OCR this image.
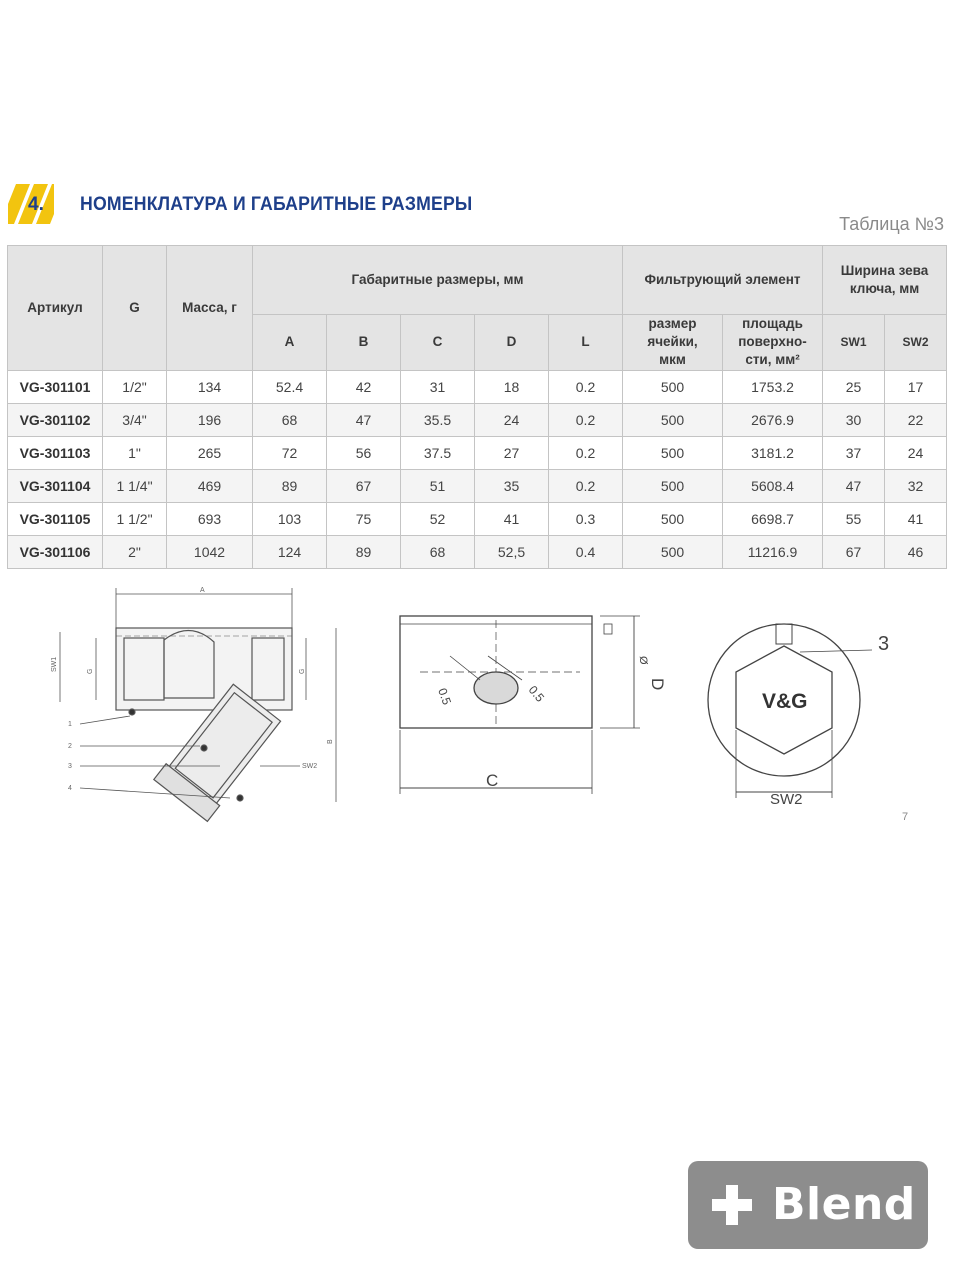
4. НОМЕНКЛАТУРА И ГАБАРИТНЫЕ РАЗМЕРЫ
Таблица №3
Артикул	G	Масса, г	Габаритные размеры, мм					Фильтрующий элемент		Ширина зева ключа, мм	
			A	B	C	D	L	размер ячейки, мкм	площадь поверхно-сти, мм²	SW1	SW2
VG-301101	1/2"	134	52.4	42	31	18	0.2	500	1753.2	25	17
VG-301102	3/4"	196	68	47	35.5	24	0.2	500	2676.9	30	22
VG-301103	1"	265	72	56	37.5	27	0.2	500	3181.2	37	24
VG-301104	1 1/4"	469	89	67	51	35	0.2	500	5608.4	47	32
VG-301105	1 1/2"	693	103	75	52	41	0.3	500	6698.7	55	41
VG-301106	2"	1042	124	89	68	52,5	0.4	500	11216.9	67	46
A
SW1	G	G
B
SW2
1
2
3
4	C
D
Ø
0.5	0.5	V&G
SW2
3
7
Blend
